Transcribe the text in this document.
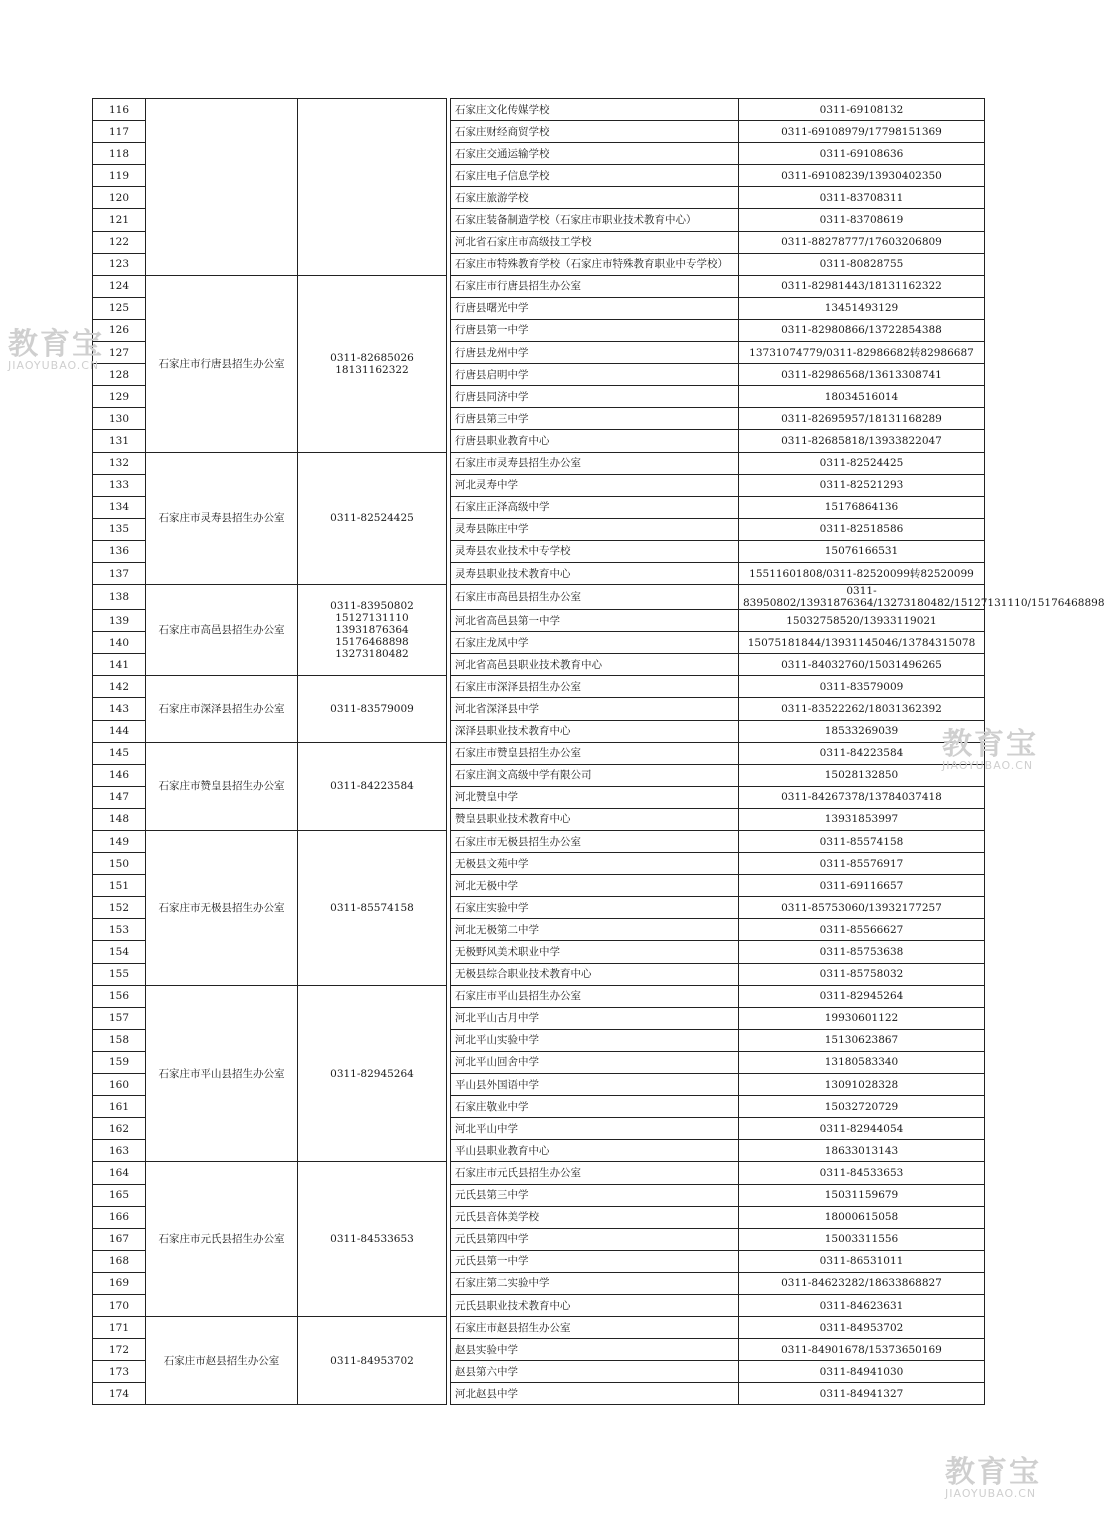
116				石家庄文化传媒学校	0311-69108132
117				石家庄财经商贸学校	0311-69108979/17798151369
118				石家庄交通运输学校	0311-69108636
119				石家庄电子信息学校	0311-69108239/13930402350
120				石家庄旅游学校	0311-83708311
121				石家庄装备制造学校（石家庄市职业技术教育中心）	0311-83708619
122				河北省石家庄市高级技工学校	0311-88278777/17603206809
123				石家庄市特殊教育学校（石家庄市特殊教育职业中专学校）	0311-80828755
124	石家庄市行唐县招生办公室	0311-82685026 18131162322		石家庄市行唐县招生办公室	0311-82981443/18131162322
125				行唐县曙光中学	13451493129
126				行唐县第一中学	0311-82980866/13722854388
127				行唐县龙州中学	13731074779/0311-82986682转82986687
128				行唐县启明中学	0311-82986568/13613308741
129				行唐县同济中学	18034516014
130				行唐县第三中学	0311-82695957/18131168289
131				行唐县职业教育中心	0311-82685818/13933822047
132	石家庄市灵寿县招生办公室	0311-82524425		石家庄市灵寿县招生办公室	0311-82524425
133				河北灵寿中学	0311-82521293
134				石家庄正泽高级中学	15176864136
135				灵寿县陈庄中学	0311-82518586
136				灵寿县农业技术中专学校	15076166531
137				灵寿县职业技术教育中心	15511601808/0311-82520099转82520099
138	石家庄市高邑县招生办公室	0311-83950802 15127131110 13931876364 15176468898 13273180482		石家庄市高邑县招生办公室	0311-83950802/13931876364/13273180482/15127131110/15176468898
139				河北省高邑县第一中学	15032758520/13933119021
140				石家庄龙凤中学	15075181844/13931145046/13784315078
141				河北省高邑县职业技术教育中心	0311-84032760/15031496265
142	石家庄市深泽县招生办公室	0311-83579009		石家庄市深泽县招生办公室	0311-83579009
143				河北省深泽县中学	0311-83522262/18031362392
144				深泽县职业技术教育中心	18533269039
145	石家庄市赞皇县招生办公室	0311-84223584		石家庄市赞皇县招生办公室	0311-84223584
146				石家庄润文高级中学有限公司	15028132850
147				河北赞皇中学	0311-84267378/13784037418
148				赞皇县职业技术教育中心	13931853997
149	石家庄市无极县招生办公室	0311-85574158		石家庄市无极县招生办公室	0311-85574158
150				无极县文苑中学	0311-85576917
151				河北无极中学	0311-69116657
152				石家庄实验中学	0311-85753060/13932177257
153				河北无极第二中学	0311-85566627
154				无极野风美术职业中学	0311-85753638
155				无极县综合职业技术教育中心	0311-85758032
156	石家庄市平山县招生办公室	0311-82945264		石家庄市平山县招生办公室	0311-82945264
157				河北平山古月中学	19930601122
158				河北平山实验中学	15130623867
159				河北平山回舍中学	13180583340
160				平山县外国语中学	13091028328
161				石家庄敬业中学	15032720729
162				河北平山中学	0311-82944054
163				平山县职业教育中心	18633013143
164	石家庄市元氏县招生办公室	0311-84533653		石家庄市元氏县招生办公室	0311-84533653
165				元氏县第三中学	15031159679
166				元氏县音体美学校	18000615058
167				元氏县第四中学	15003311556
168				元氏县第一中学	0311-86531011
169				石家庄第二实验中学	0311-84623282/18633868827
170				元氏县职业技术教育中心	0311-84623631
171	石家庄市赵县招生办公室	0311-84953702		石家庄市赵县招生办公室	0311-84953702
172				赵县实验中学	0311-84901678/15373650169
173				赵县第六中学	0311-84941030
174				河北赵县中学	0311-84941327
教育宝
JIAOYUBAO.CN
教育宝
JIAOYUBAO.CN
教育宝
JIAOYUBAO.CN
